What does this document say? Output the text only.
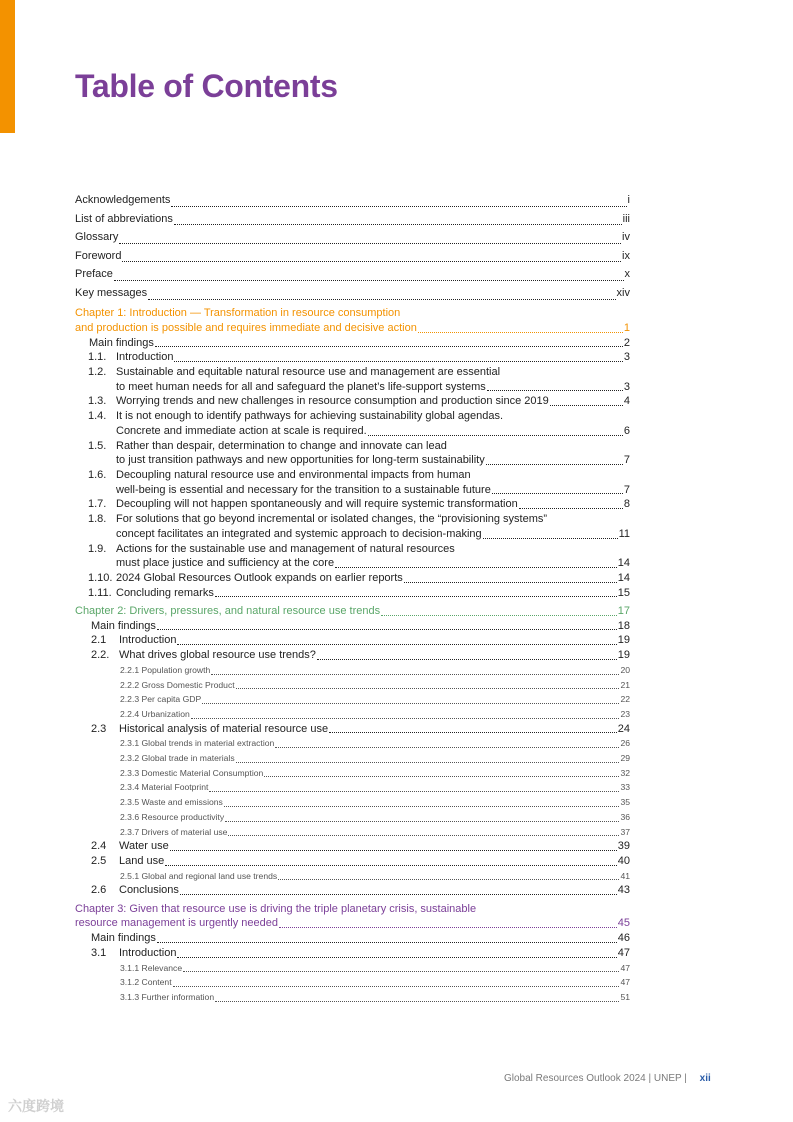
Table of Contents
Acknowledgements	i
List of abbreviations	iii
Glossary	iv
Foreword	ix
Preface	x
Key messages	xiv
Chapter 1: Introduction — Transformation in resource consumption
and production is possible and requires immediate and decisive action	1
Main findings	2
1.1. Introduction	3
1.2. Sustainable and equitable natural resource use and management are essential
to meet human needs for all and safeguard the planet’s life-support systems	3
1.3. Worrying trends and new challenges in resource consumption and production since 2019	4
1.4. It is not enough to identify pathways for achieving sustainability global agendas.
Concrete and immediate action at scale is required.	6
1.5. Rather than despair, determination to change and innovate can lead
to just transition pathways and new opportunities for long-term sustainability	7
1.6. Decoupling natural resource use and environmental impacts from human
well-being is essential and necessary for the transition to a sustainable future	7
1.7. Decoupling will not happen spontaneously and will require systemic transformation	8
1.8. For solutions that go beyond incremental or isolated changes, the “provisioning systems”
concept facilitates an integrated and systemic approach to decision-making	11
1.9. Actions for the sustainable use and management of natural resources
must place justice and sufficiency at the core	14
1.10. 2024 Global Resources Outlook expands on earlier reports	14
1.11. Concluding remarks	15
Chapter 2: Drivers, pressures, and natural resource use trends	17
Main findings	18
2.1	Introduction	19
2.2. What drives global resource use trends?	19
2.2.1 Population growth	20
2.2.2 Gross Domestic Product	21
2.2.3 Per capita GDP	22
2.2.4 Urbanization	23
2.3	Historical analysis of material resource use	24
2.3.1 Global trends in material extraction	26
2.3.2 Global trade in materials	29
2.3.3 Domestic Material Consumption	32
2.3.4 Material Footprint	33
2.3.5 Waste and emissions	35
2.3.6 Resource productivity	36
2.3.7 Drivers of material use	37
2.4	Water use	39
2.5	Land use	40
2.5.1 Global and regional land use trends	41
2.6	Conclusions	43
Chapter 3: Given that resource use is driving the triple planetary crisis, sustainable
resource management is urgently needed	45
Main findings	46
3.1	Introduction	47
3.1.1 Relevance	47
3.1.2 Content	47
3.1.3 Further information	51
Global Resources Outlook 2024 | UNEP | xii
六度跨境
